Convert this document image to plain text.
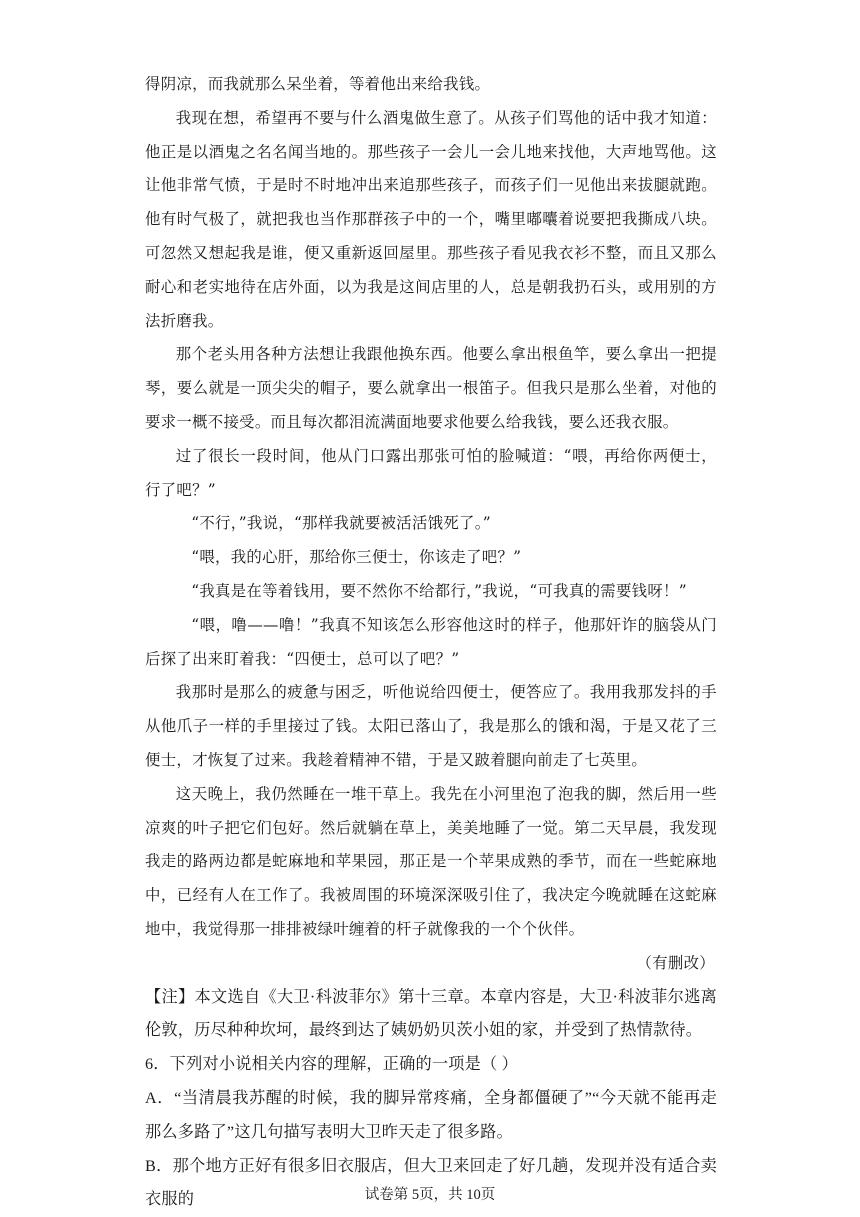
得阴凉，而我就那么呆坐着，等着他出来给我钱。

我现在想，希望再不要与什么酒鬼做生意了。从孩子们骂他的话中我才知道：他正是以酒鬼之名名闻当地的。那些孩子一会儿一会儿地来找他，大声地骂他。这让他非常气愤，于是时不时地冲出来追那些孩子，而孩子们一见他出来拔腿就跑。他有时气极了，就把我也当作那群孩子中的一个，嘴里嘟囔着说要把我撕成八块。可忽然又想起我是谁，便又重新返回屋里。那些孩子看见我衣衫不整，而且又那么耐心和老实地待在店外面，以为我是这间店里的人，总是朝我扔石头，或用别的方法折磨我。

那个老头用各种方法想让我跟他换东西。他要么拿出根鱼竿，要么拿出一把提琴，要么就是一顶尖尖的帽子，要么就拿出一根笛子。但我只是那么坐着，对他的要求一概不接受。而且每次都泪流满面地要求他要么给我钱，要么还我衣服。

过了很长一段时间，他从门口露出那张可怕的脸喊道：“喂，再给你两便士，行了吧？”

“不行，”我说，“那样我就要被活活饿死了。”

“喂，我的心肝，那给你三便士，你该走了吧？”

“我真是在等着钱用，要不然你不给都行，”我说，“可我真的需要钱呀！”

“喂，噜——噜！”我真不知该怎么形容他这时的样子，他那奸诈的脑袋从门后探了出来盯着我：“四便士，总可以了吧？”

我那时是那么的疲惫与困乏，听他说给四便士，便答应了。我用我那发抖的手从他爪子一样的手里接过了钱。太阳已落山了，我是那么的饿和渴，于是又花了三便士，才恢复了过来。我趁着精神不错，于是又跛着腿向前走了七英里。

这天晚上，我仍然睡在一堆干草上。我先在小河里泡了泡我的脚，然后用一些凉爽的叶子把它们包好。然后就躺在草上，美美地睡了一觉。第二天早晨，我发现我走的路两边都是蛇麻地和苹果园，那正是一个苹果成熟的季节，而在一些蛇麻地中，已经有人在工作了。我被周围的环境深深吸引住了，我决定今晚就睡在这蛇麻地中，我觉得那一排排被绿叶缠着的杆子就像我的一个个伙伴。

（有删改）

【注】本文选自《大卫·科波菲尔》第十三章。本章内容是，大卫·科波菲尔逃离伦敦，历尽种种坎坷，最终到达了姨奶奶贝茨小姐的家，并受到了热情款待。

6．下列对小说相关内容的理解，正确的一项是（ ）

A．“当清晨我苏醒的时候，我的脚异常疼痛，全身都僵硬了”“今天就不能再走那么多路了”这几句描写表明大卫昨天走了很多路。

B．那个地方正好有很多旧衣服店，但大卫来回走了好几趟，发现并没有适合卖衣服的	试卷第 5页，共 10页
